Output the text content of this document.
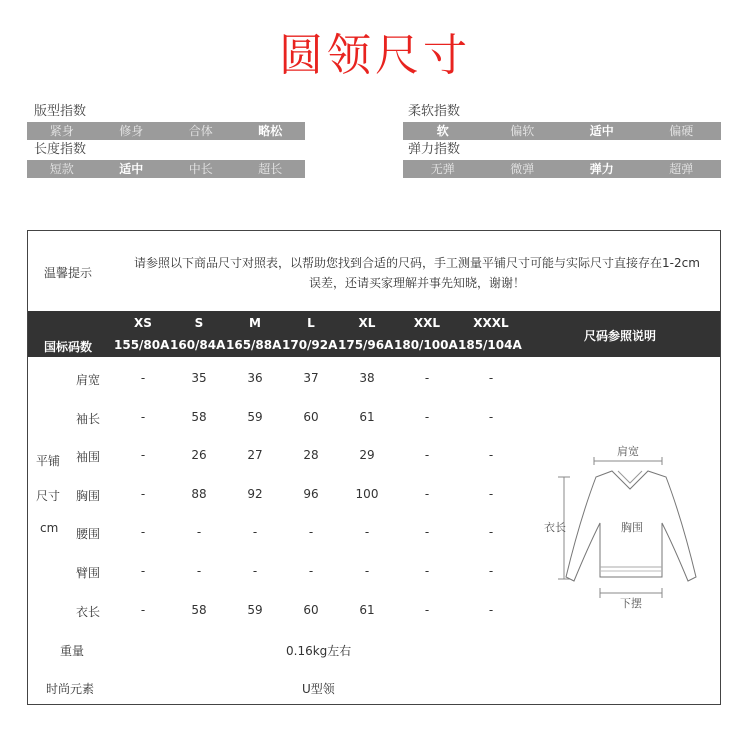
圆领尺寸
版型指数
紧身	修身	合体	略松
柔软指数
软	偏软	适中	偏硬
长度指数
短款	适中	中长	超长
弹力指数
无弹	微弹	弹力	超弹
温馨提示
请参照以下商品尺寸对照表，以帮助您找到合适的尺码，手工测量平铺尺寸可能与实际尺寸直接存在1-2cm
误差，还请买家理解并事先知晓，谢谢！
XS	S	M	L	XL	XXL	XXXL
国标码数 155/80A 160/84A 165/88A 170/92A 175/96A 180/100A 185/104A
尺码参照说明
平铺
尺寸
cm
肩宽	-	35	36	37	38	-	-
袖长	-	58	59	60	61	-	-
袖围	-	26	27	28	29	-	-
胸围	-	88	92	96	100	-	-
腰围	-	-	-	-	-	-	-
臂围	-	-	-	-	-	-	-
衣长	-	58	59	60	61	-	-
重量	0.16kg左右
时尚元素	U型领
肩宽
衣长	胸围
下摆
